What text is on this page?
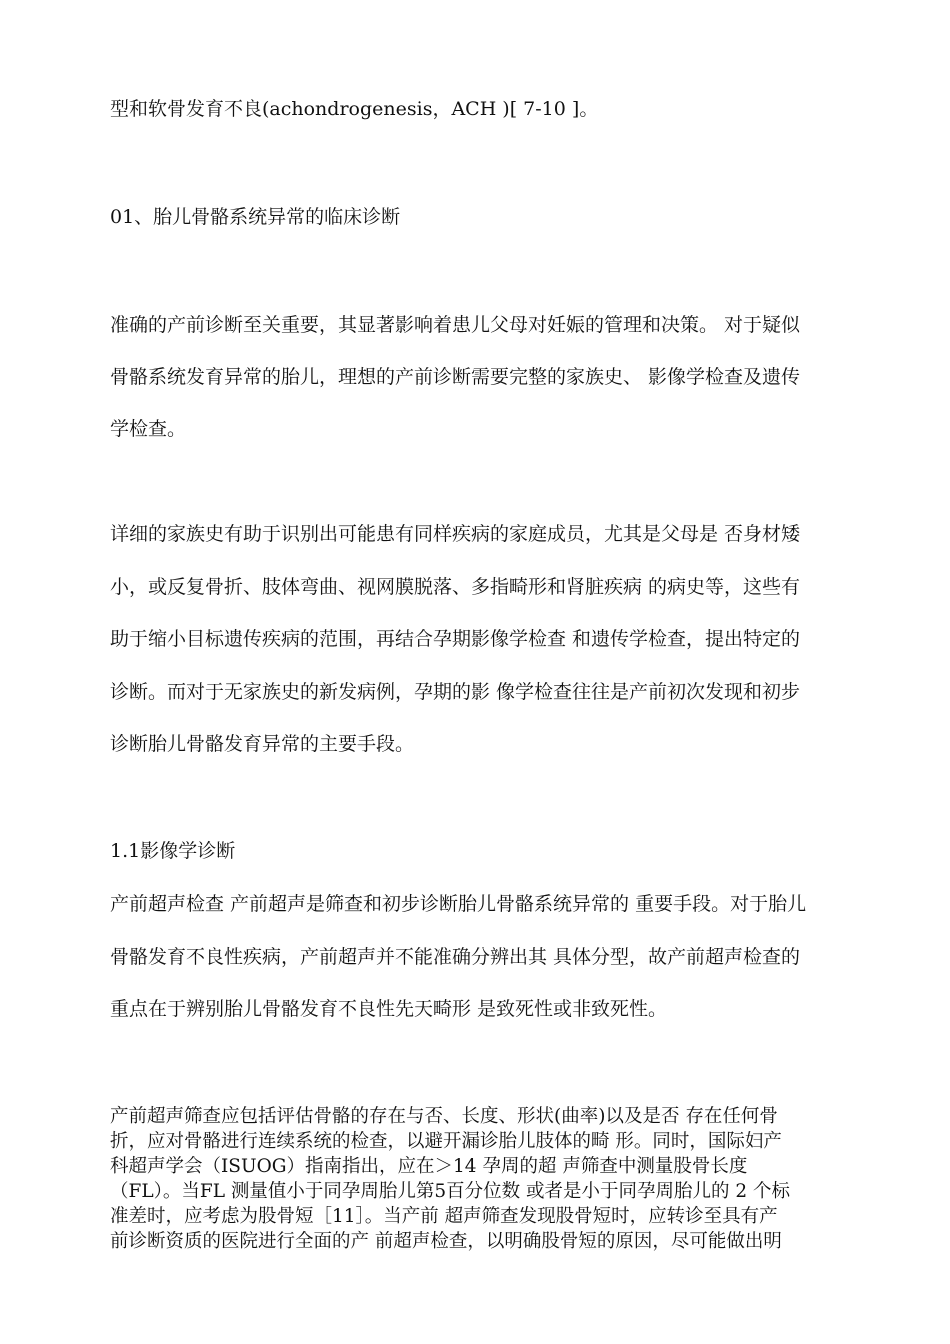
型和软骨发育不良(achondrogenesis，ACH )[ 7-10 ]。
01、胎儿骨骼系统异常的临床诊断
准确的产前诊断至关重要，其显著影响着患儿父母对妊娠的管理和决策。 对于疑似
骨骼系统发育异常的胎儿，理想的产前诊断需要完整的家族史、 影像学检查及遗传
学检查。
详细的家族史有助于识别出可能患有同样疾病的家庭成员，尤其是父母是 否身材矮
小，或反复骨折、肢体弯曲、视网膜脱落、多指畸形和肾脏疾病 的病史等，这些有
助于缩小目标遗传疾病的范围，再结合孕期影像学检查 和遗传学检查，提出特定的
诊断。而对于无家族史的新发病例，孕期的影 像学检查往往是产前初次发现和初步
诊断胎儿骨骼发育异常的主要手段。
1.1影像学诊断
产前超声检查 产前超声是筛查和初步诊断胎儿骨骼系统异常的 重要手段。对于胎儿
骨骼发育不良性疾病，产前超声并不能准确分辨出其 具体分型，故产前超声检查的
重点在于辨别胎儿骨骼发育不良性先天畸形 是致死性或非致死性。
产前超声筛查应包括评估骨骼的存在与否、长度、形状(曲率)以及是否 存在任何骨
折，应对骨骼进行连续系统的检查，以避开漏诊胎儿肢体的畸 形。同时，国际妇产
科超声学会（ISUOG）指南指出，应在＞14 孕周的超 声筛查中测量股骨长度
（FL）。当FL 测量值小于同孕周胎儿第5百分位数 或者是小于同孕周胎儿的 2 个标
准差时，应考虑为股骨短［11］。当产前 超声筛查发现股骨短时，应转诊至具有产
前诊断资质的医院进行全面的产 前超声检查，以明确股骨短的原因，尽可能做出明
